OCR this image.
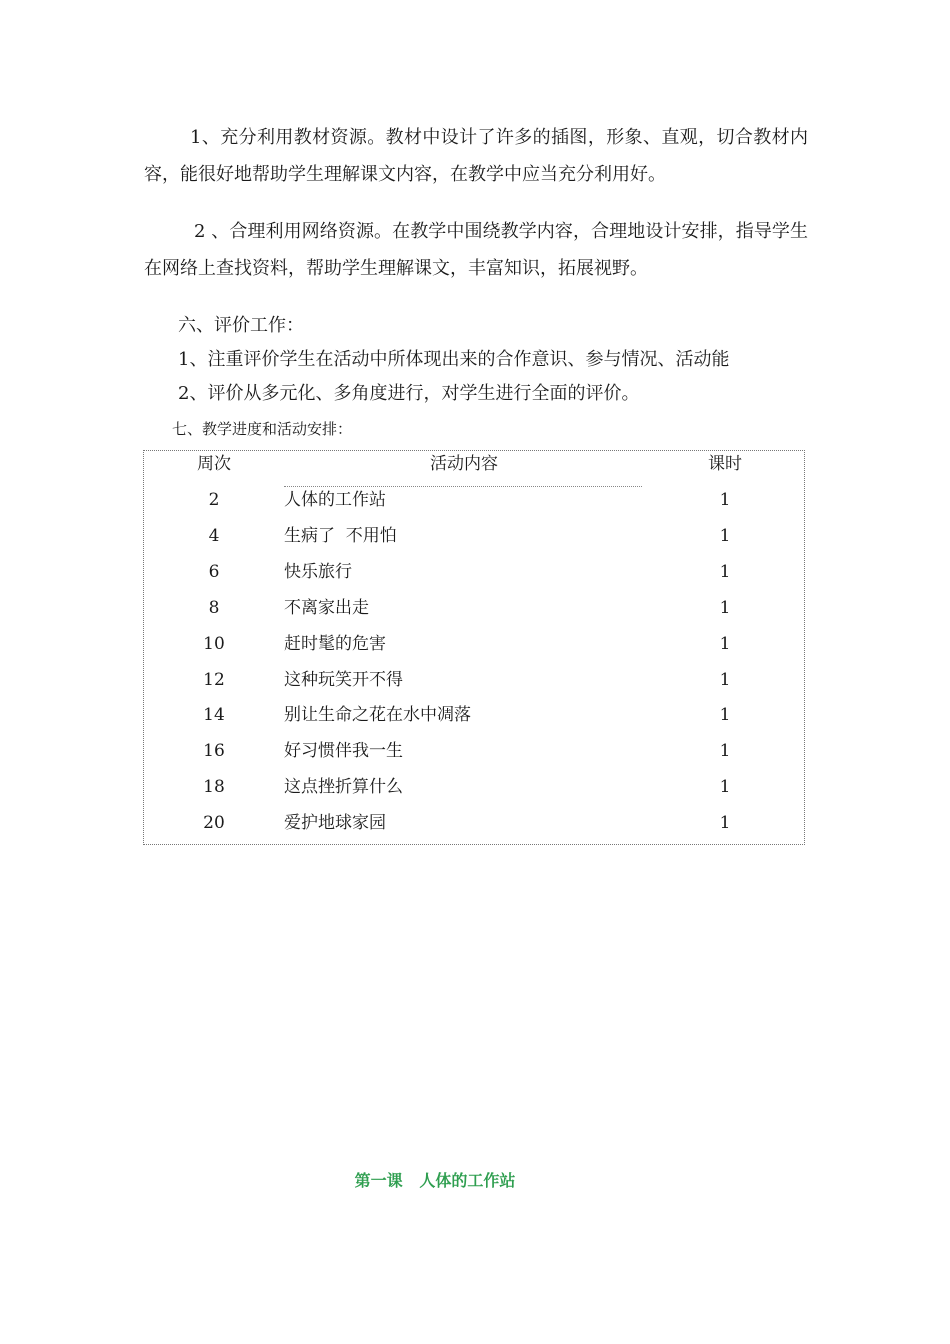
1、充分利用教材资源。教材中设计了许多的插图，形象、直观，切合教材内容，能很好地帮助学生理解课文内容，在教学中应当充分利用好。

2 、合理利用网络资源。在教学中围绕教学内容，合理地设计安排，指导学生在网络上查找资料，帮助学生理解课文，丰富知识，拓展视野。

六、评价工作：

1、注重评价学生在活动中所体现出来的合作意识、参与情况、活动能

2、评价从多元化、多角度进行，对学生进行全面的评价。

七、教学进度和活动安排：

周次	活动内容	课时
2	人体的工作站	1
4	生病了  不用怕	1
6	快乐旅行	1
8	不离家出走	1
10	赶时髦的危害	1
12	这种玩笑开不得	1
14	别让生命之花在水中凋落	1
16	好习惯伴我一生	1
18	这点挫折算什么	1
20	爱护地球家园	1
第一课   人体的工作站
